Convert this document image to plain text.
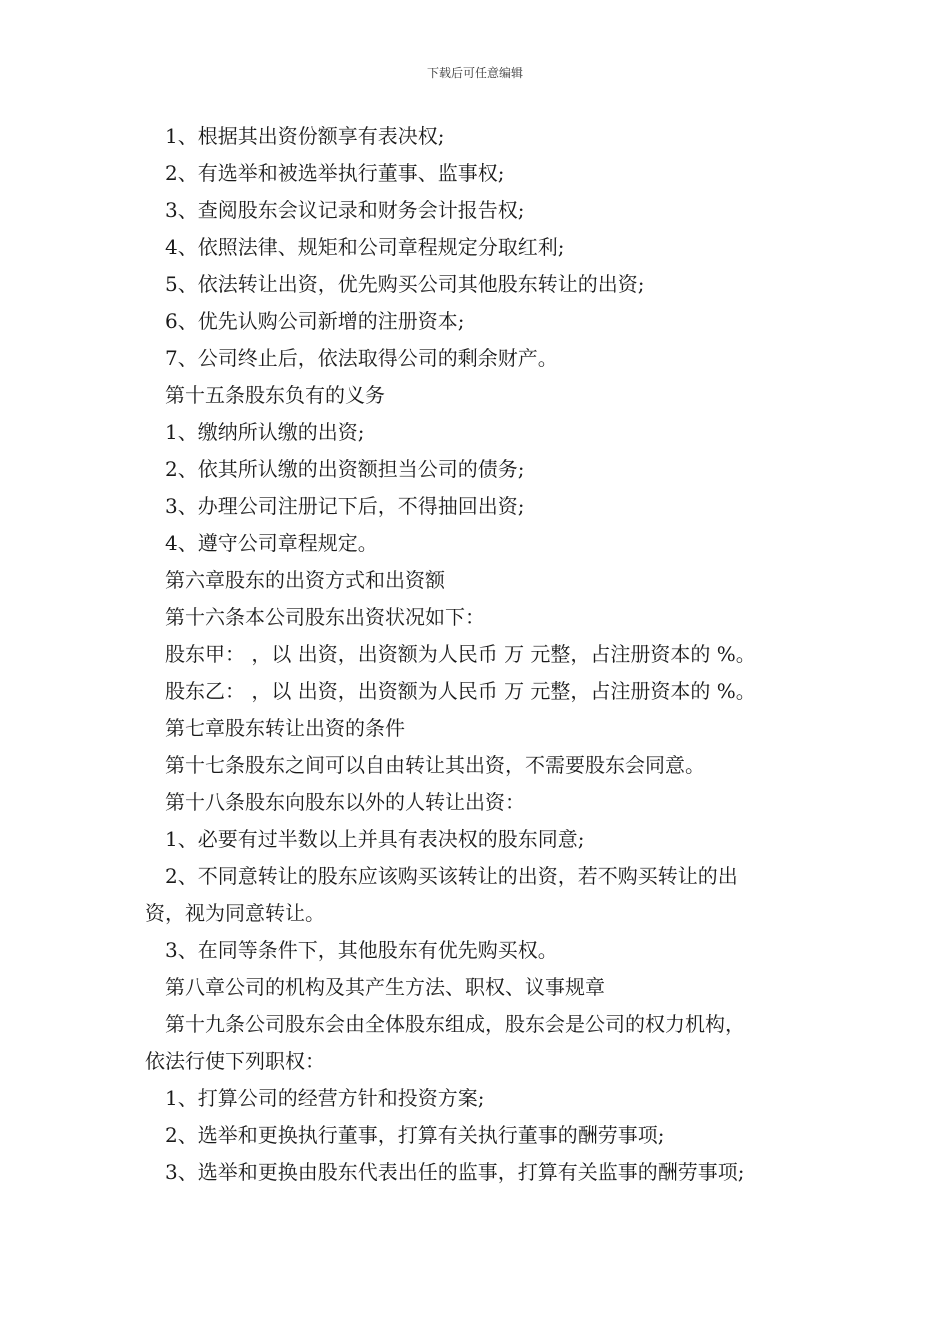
下载后可任意编辑
1、根据其出资份额享有表决权;
2、有选举和被选举执行董事、监事权;
3、查阅股东会议记录和财务会计报告权;
4、依照法律、规矩和公司章程规定分取红利;
5、依法转让出资，优先购买公司其他股东转让的出资;
6、优先认购公司新增的注册资本;
7、公司终止后，依法取得公司的剩余财产。
第十五条股东负有的义务
1、缴纳所认缴的出资;
2、依其所认缴的出资额担当公司的债务;
3、办理公司注册记下后，不得抽回出资;
4、遵守公司章程规定。
第六章股东的出资方式和出资额
第十六条本公司股东出资状况如下：
股东甲： ，以 出资，出资额为人民币 万 元整，占注册资本的 %。
股东乙： ，以 出资，出资额为人民币 万 元整，占注册资本的 %。
第七章股东转让出资的条件
第十七条股东之间可以自由转让其出资，不需要股东会同意。
第十八条股东向股东以外的人转让出资：
1、必要有过半数以上并具有表决权的股东同意;
2、不同意转让的股东应该购买该转让的出资，若不购买转让的出
资，视为同意转让。
3、在同等条件下，其他股东有优先购买权。
第八章公司的机构及其产生方法、职权、议事规章
第十九条公司股东会由全体股东组成，股东会是公司的权力机构，
依法行使下列职权：
1、打算公司的经营方针和投资方案;
2、选举和更换执行董事，打算有关执行董事的酬劳事项;
3、选举和更换由股东代表出任的监事，打算有关监事的酬劳事项;
